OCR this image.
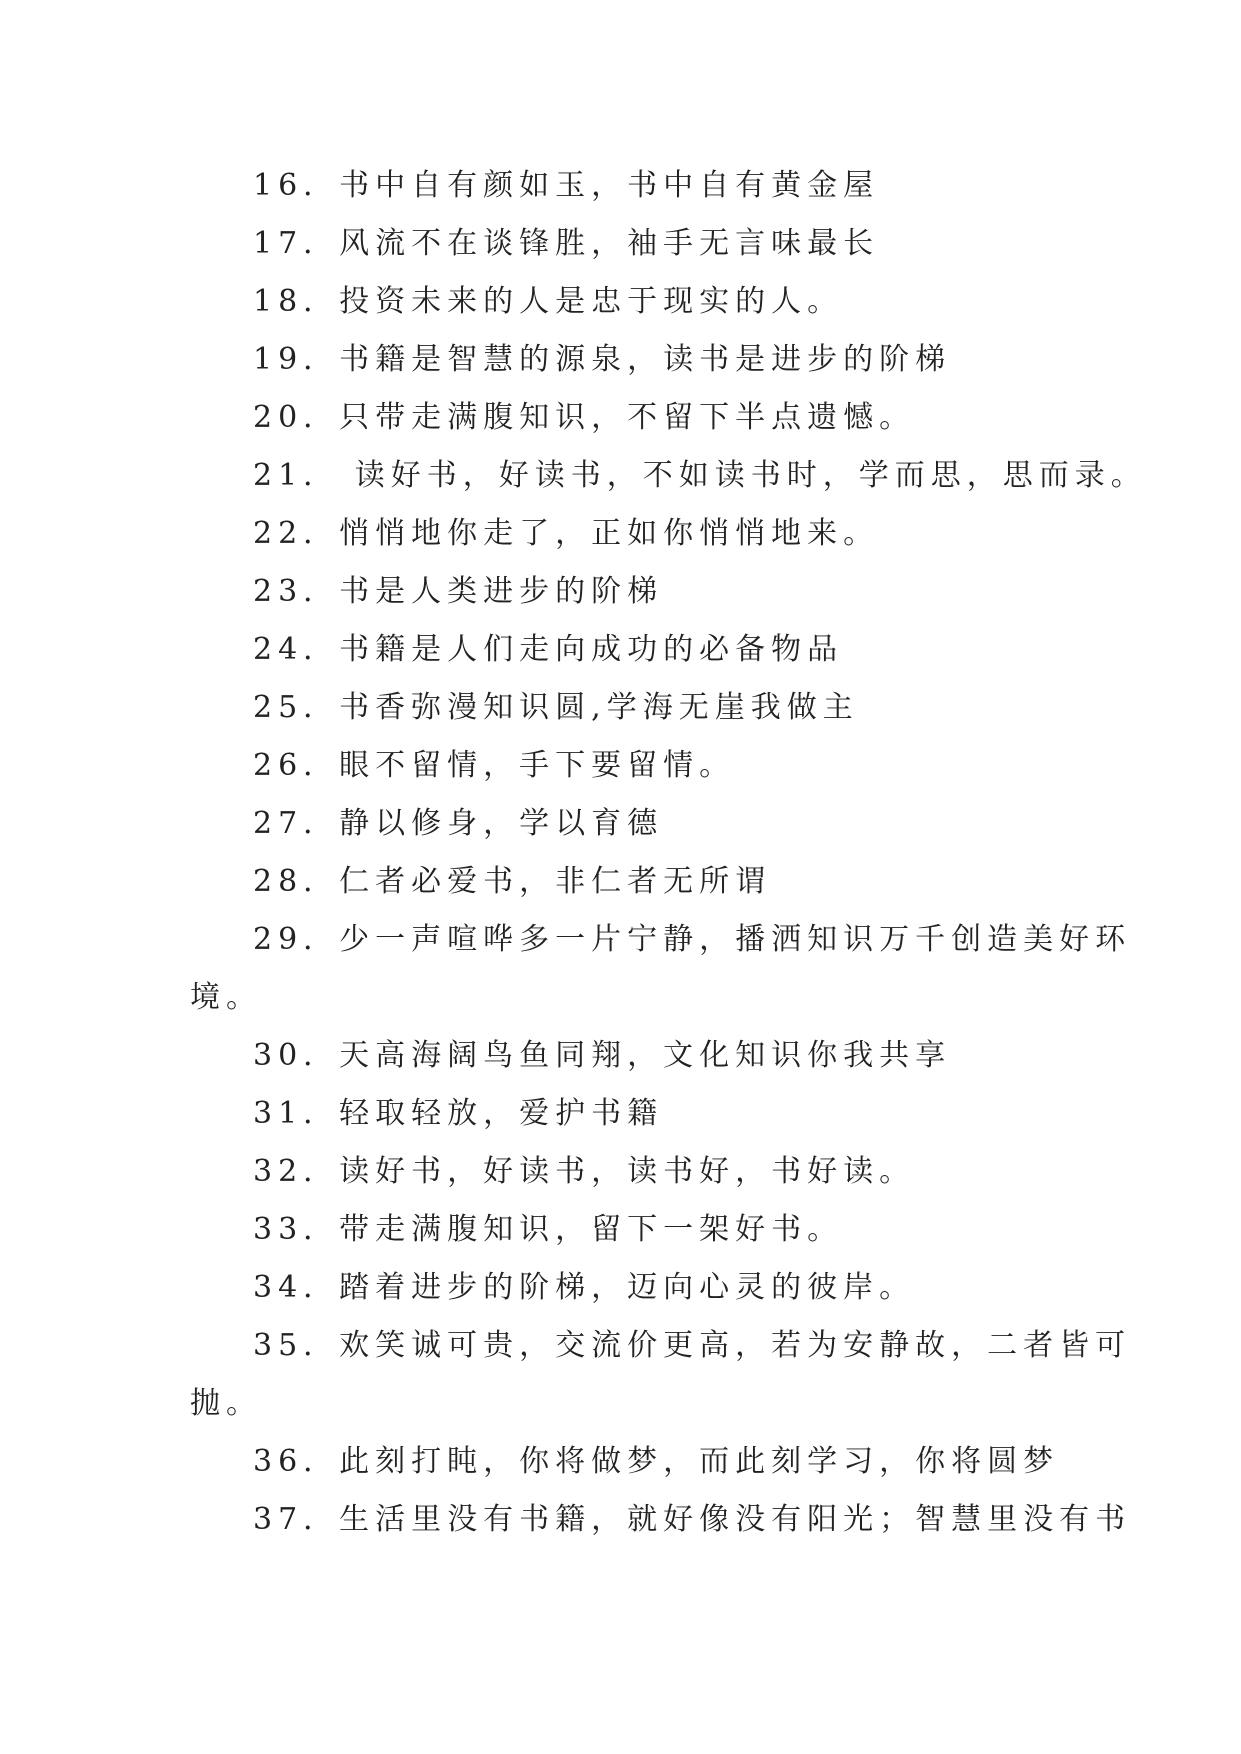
16．书中自有颜如玉，书中自有黄金屋
17．风流不在谈锋胜，袖手无言味最长
18．投资未来的人是忠于现实的人。
19．书籍是智慧的源泉，读书是进步的阶梯
20．只带走满腹知识，不留下半点遗憾。
21． 读好书，好读书，不如读书时，学而思，思而录。
22．悄悄地你走了，正如你悄悄地来。
23．书是人类进步的阶梯
24．书籍是人们走向成功的必备物品
25．书香弥漫知识圆,学海无崖我做主
26．眼不留情，手下要留情。
27．静以修身，学以育德
28．仁者必爱书，非仁者无所谓
29．少一声喧哗多一片宁静，播洒知识万千创造美好环
境。
30．天高海阔鸟鱼同翔，文化知识你我共享
31．轻取轻放，爱护书籍
32．读好书，好读书，读书好，书好读。
33．带走满腹知识，留下一架好书。
34．踏着进步的阶梯，迈向心灵的彼岸。
35．欢笑诚可贵，交流价更高，若为安静故，二者皆可
抛。
36．此刻打盹，你将做梦，而此刻学习，你将圆梦
37．生活里没有书籍，就好像没有阳光；智慧里没有书
